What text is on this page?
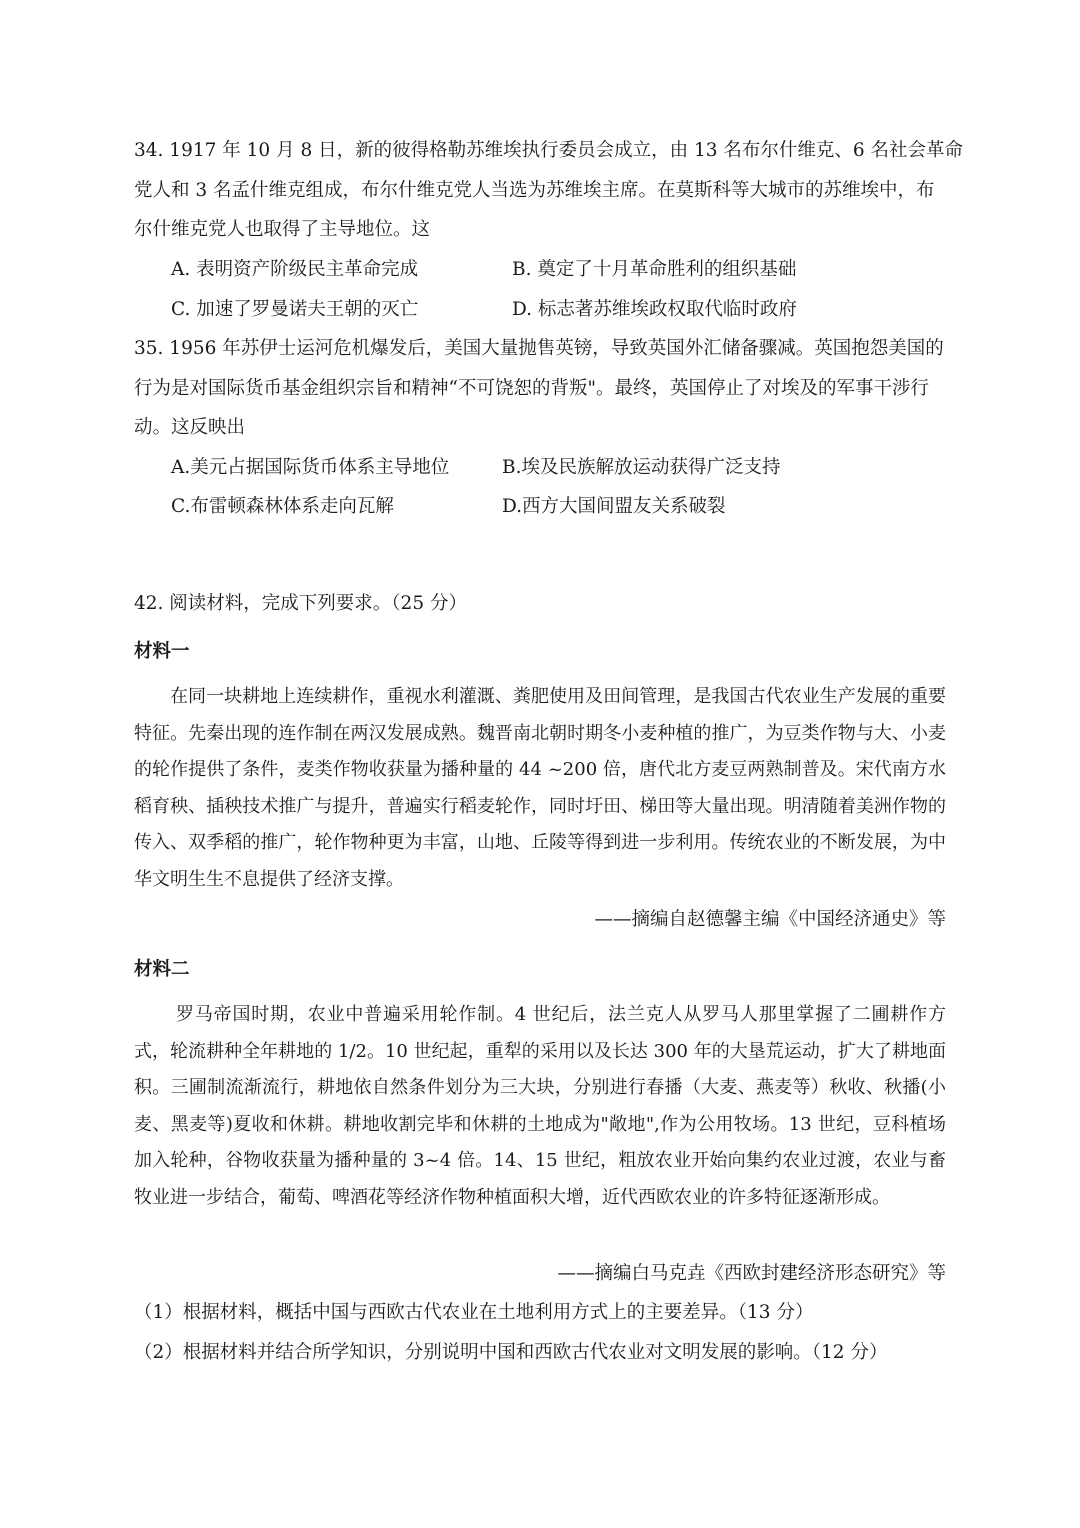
34. 1917 年 10 月 8 日，新的彼得格勒苏维埃执行委员会成立，由 13 名布尔什维克、6 名社会革命
党人和 3 名孟什维克组成，布尔什维克党人当选为苏维埃主席。在莫斯科等大城市的苏维埃中，布
尔什维克党人也取得了主导地位。这
A. 表明资产阶级民主革命完成	B. 奠定了十月革命胜利的组织基础
C. 加速了罗曼诺夫王朝的灭亡	D. 标志著苏维埃政权取代临时政府
35. 1956 年苏伊士运河危机爆发后，美国大量抛售英镑，导致英国外汇储备骤减。英国抱怨美国的
行为是对国际货币基金组织宗旨和精神“不可饶恕的背叛"。最终，英国停止了对埃及的军事干涉行
动。这反映出
A.美元占据国际货币体系主导地位	B.埃及民族解放运动获得广泛支持
C.布雷顿森林体系走向瓦解	D.西方大国间盟友关系破裂
42. 阅读材料，完成下列要求。（25 分）
材料一
在同一块耕地上连续耕作，重视水利灌溉、粪肥使用及田间管理，是我国古代农业生产发展的重要特征。先秦出现的连作制在两汉发展成熟。魏晋南北朝时期冬小麦种植的推广，为豆类作物与大、小麦的轮作提供了条件，麦类作物收获量为播种量的 44 ~200 倍，唐代北方麦豆两熟制普及。宋代南方水稻育秧、插秧技术推广与提升，普遍实行稻麦轮作，同时圩田、梯田等大量出现。明清随着美洲作物的传入、双季稻的推广，轮作物种更为丰富，山地、丘陵等得到进一步利用。传统农业的不断发展，为中华文明生生不息提供了经济支撑。
——摘编自赵德馨主编《中国经济通史》等
材料二
罗马帝国时期，农业中普遍采用轮作制。4 世纪后，法兰克人从罗马人那里掌握了二圃耕作方式，轮流耕种全年耕地的 1/2。10 世纪起，重犁的采用以及长达 300 年的大垦荒运动，扩大了耕地面积。三圃制流渐流行，耕地依自然条件划分为三大块，分别进行春播（大麦、燕麦等）秋收、秋播(小麦、黑麦等)夏收和休耕。耕地收割完毕和休耕的土地成为"敞地",作为公用牧场。13 世纪，豆科植场加入轮种，谷物收获量为播种量的 3~4 倍。14、15 世纪，粗放农业开始向集约农业过渡，农业与畜牧业进一步结合，葡萄、啤酒花等经济作物种植面积大增，近代西欧农业的许多特征逐渐形成。
——摘编白马克垚《西欧封建经济形态研究》等
（1）根据材料，概括中国与西欧古代农业在土地利用方式上的主要差异。（13 分）
（2）根据材料并结合所学知识，分别说明中国和西欧古代农业对文明发展的影响。（12 分）
